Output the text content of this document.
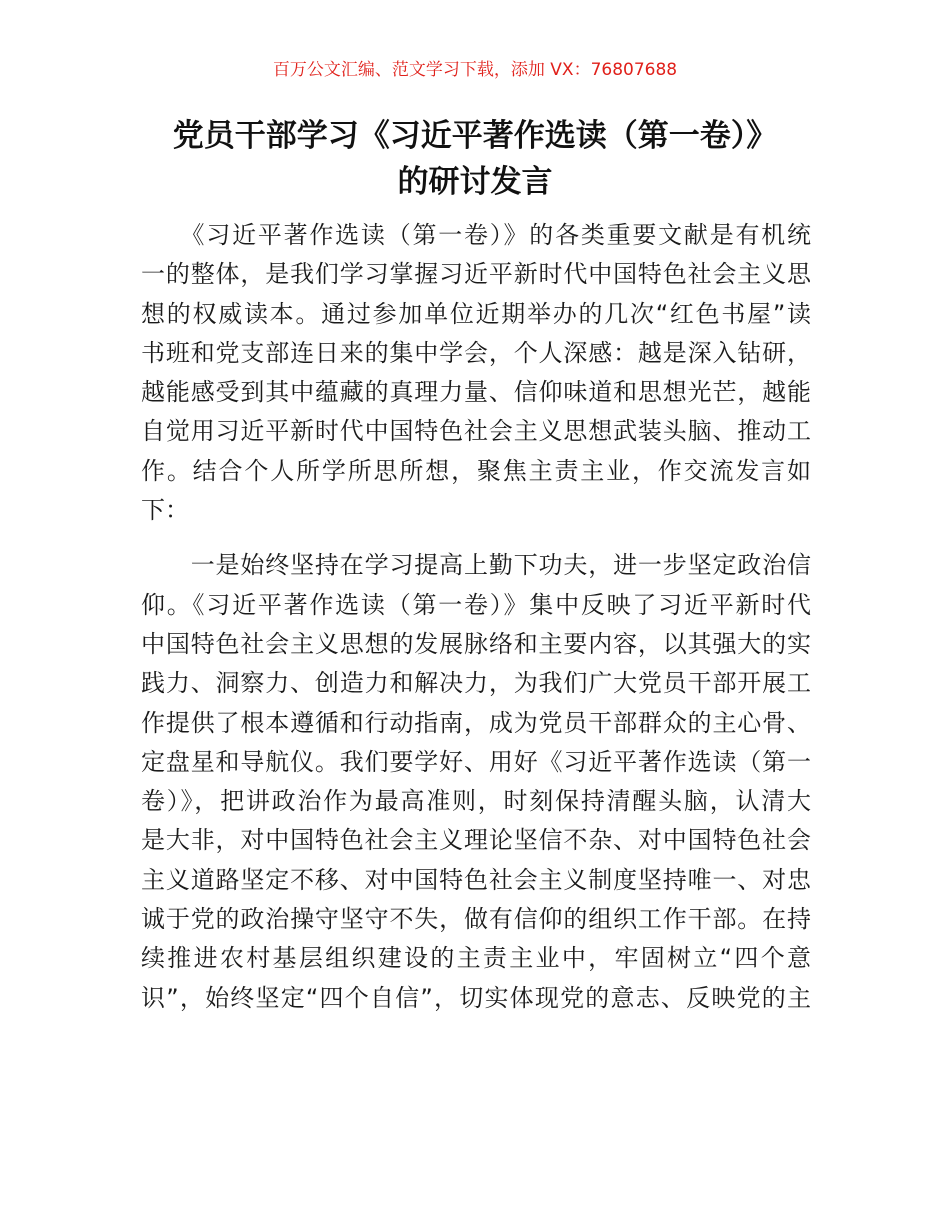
百万公文汇编、范文学习下载，添加 VX：76807688
党员干部学习《习近平著作选读（第一卷）》
的研讨发言
　　《习近平著作选读（第一卷）》的各类重要文献是有机统
一的整体，是我们学习掌握习近平新时代中国特色社会主义思
想的权威读本。通过参加单位近期举办的几次“红色书屋”读
书班和党支部连日来的集中学会，个人深感：越是深入钻研，
越能感受到其中蕴藏的真理力量、信仰味道和思想光芒，越能
自觉用习近平新时代中国特色社会主义思想武装头脑、推动工
作。结合个人所学所思所想，聚焦主责主业，作交流发言如
下：
　　一是始终坚持在学习提高上勤下功夫，进一步坚定政治信
仰。《习近平著作选读（第一卷）》集中反映了习近平新时代
中国特色社会主义思想的发展脉络和主要内容，以其强大的实
践力、洞察力、创造力和解决力，为我们广大党员干部开展工
作提供了根本遵循和行动指南，成为党员干部群众的主心骨、
定盘星和导航仪。我们要学好、用好《习近平著作选读（第一
卷）》，把讲政治作为最高准则，时刻保持清醒头脑，认清大
是大非，对中国特色社会主义理论坚信不杂、对中国特色社会
主义道路坚定不移、对中国特色社会主义制度坚持唯一、对忠
诚于党的政治操守坚守不失，做有信仰的组织工作干部。在持
续推进农村基层组织建设的主责主业中，牢固树立“四个意
识”，始终坚定“四个自信”，切实体现党的意志、反映党的主
